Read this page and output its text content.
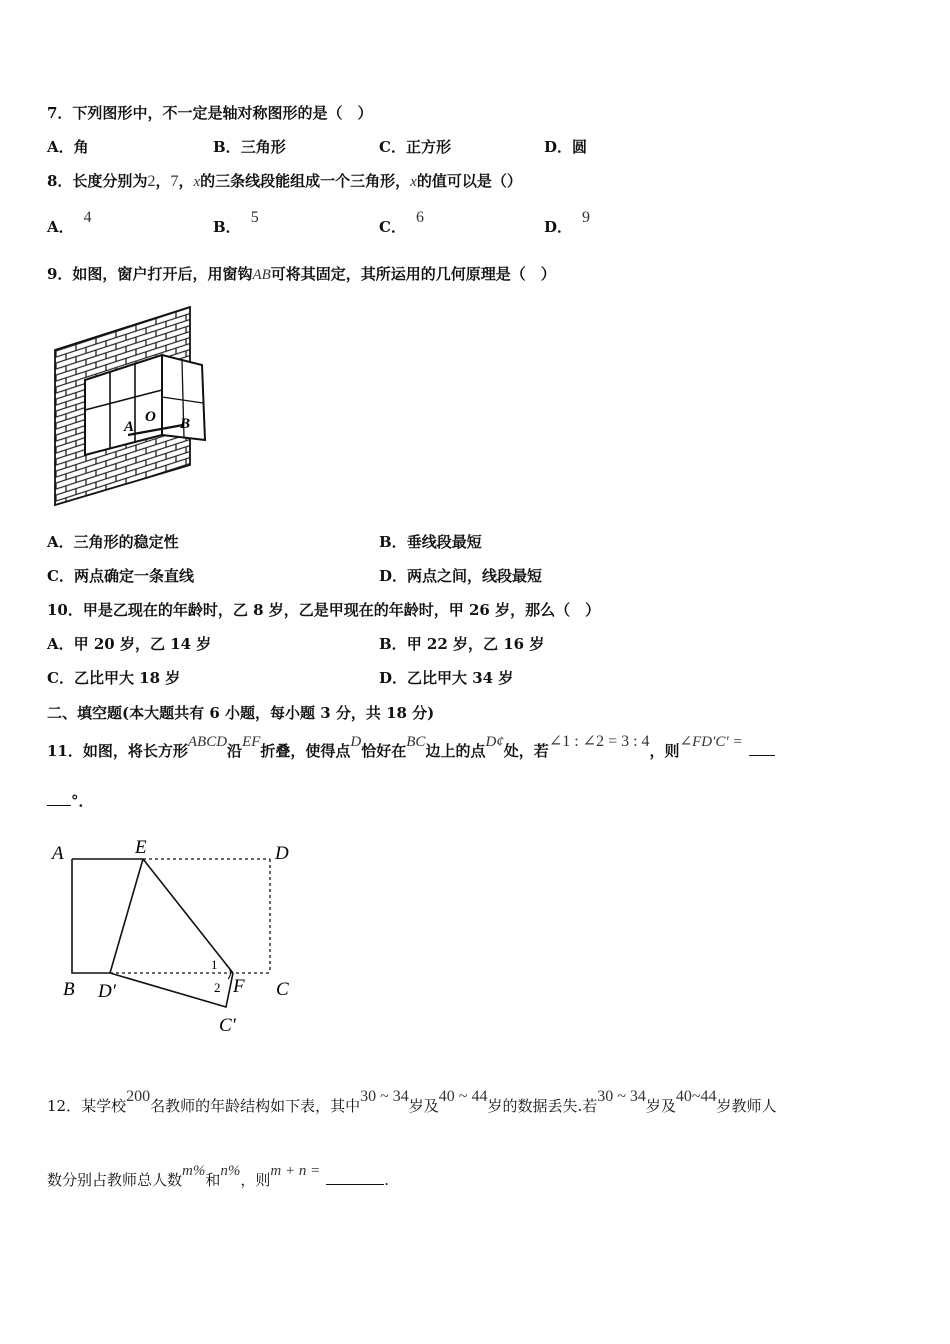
7．下列图形中，不一定是轴对称图形的是（　）
A．角	B．三角形	C．正方形	D．圆
8．长度分别为2，7，x的三条线段能组成一个三角形，x的值可以是（）
A．4
B．5
C．6
D．9
9．如图，窗户打开后，用窗钩AB可将其固定，其所运用的几何原理是（　）
A
O B
A．三角形的稳定性	B．垂线段最短
C．两点确定一条直线	D．两点之间，线段最短
10．甲是乙现在的年龄时，乙 8 岁，乙是甲现在的年龄时，甲 26 岁，那么（　）
A．甲 20 岁，乙 14 岁	B．甲 22 岁，乙 16 岁
C．乙比甲大 18 岁	D．乙比甲大 34 岁
二、填空题(本大题共有 6 小题，每小题 3 分，共 18 分)
11．如图，将长方形ABCD沿EF折叠，使得点D恰好在BC边上的点D¢处，若∠1 : ∠2 = 3 : 4，则∠FD′C′ =
°．
A	E	D
B D′
1
2 F C
C′
12．某学校200名教师的年龄结构如下表，其中30 ~ 34岁及40 ~ 44岁的数据丢失.若30 ~ 34岁及40~44岁教师人
数分别占教师总人数m%和n%，则m + n =	.
